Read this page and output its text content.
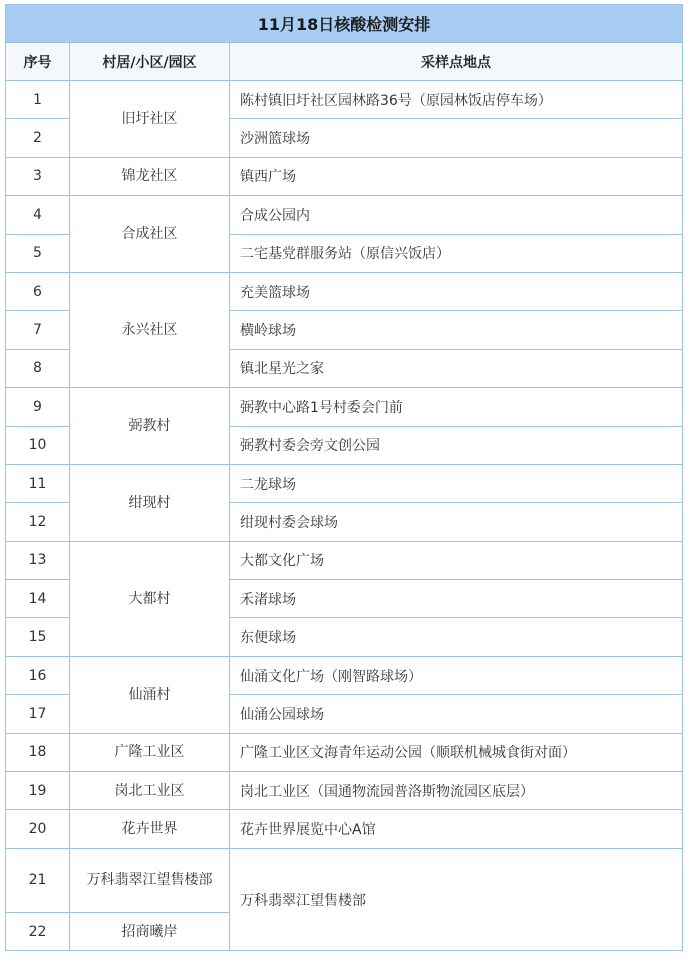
11月18日核酸检测安排		
序号	村居/小区/园区	采样点地点
1	旧圩社区	陈村镇旧圩社区园林路36号（原园林饭店停车场）
2		沙洲篮球场
3	锦龙社区	镇西广场
4	合成社区	合成公园内
5		二宅基党群服务站（原信兴饭店）
6	永兴社区	充美篮球场
7		横岭球场
8		镇北星光之家
9	弼教村	弼教中心路1号村委会门前
10		弼教村委会旁文创公园
11	绀现村	二龙球场
12		绀现村委会球场
13	大都村	大都文化广场
14		禾渚球场
15		东便球场
16	仙涌村	仙涌文化广场（刚智路球场）
17		仙涌公园球场
18	广隆工业区	广隆工业区文海青年运动公园（顺联机械城食街对面）
19	岗北工业区	岗北工业区（国通物流园普洛斯物流园区底层）
20	花卉世界	花卉世界展览中心A馆
21	万科翡翠江望售楼部	万科翡翠江望售楼部
22	招商曦岸	
